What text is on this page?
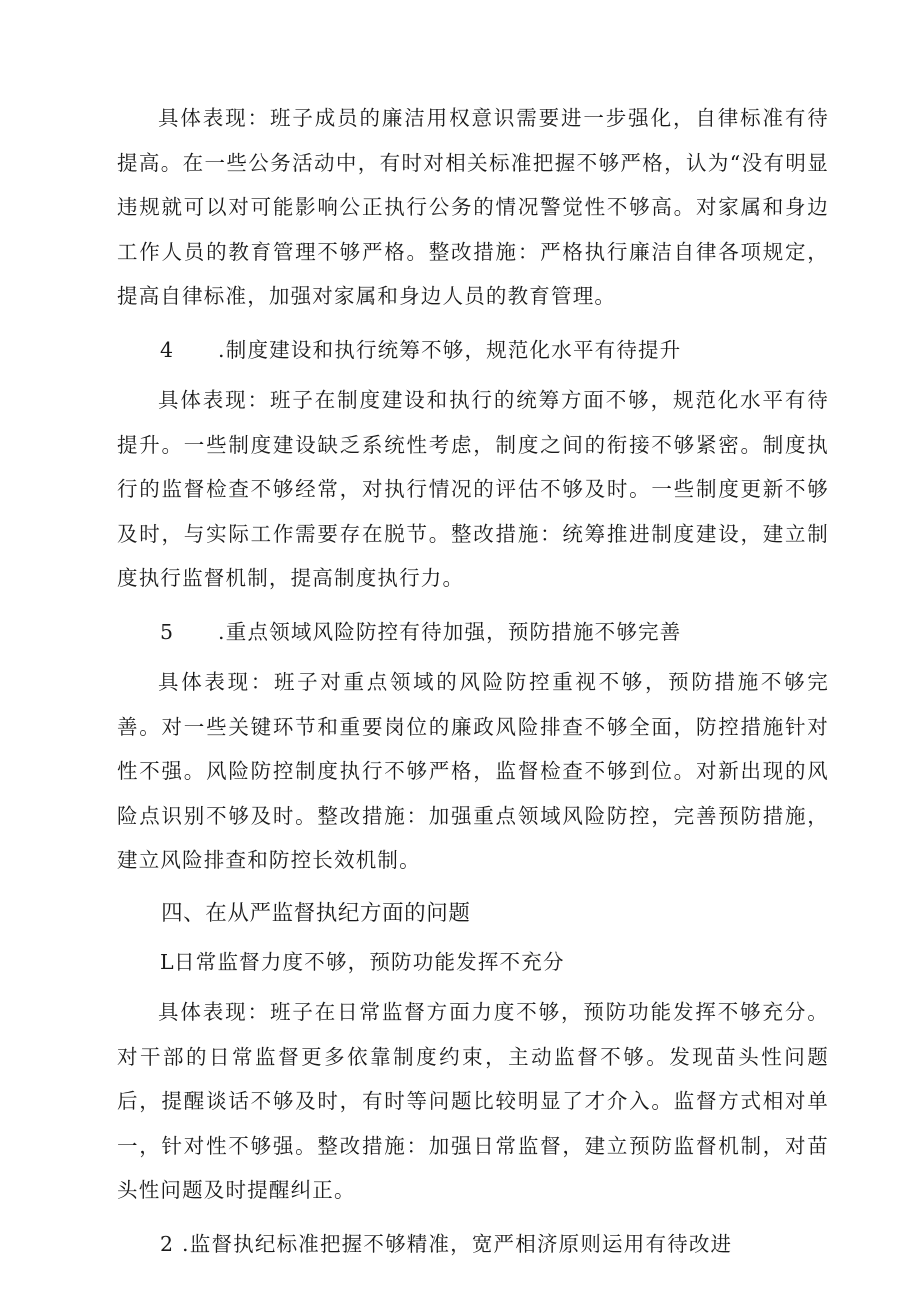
具体表现：班子成员的廉洁用权意识需要进一步强化，自律标准有待提高。在一些公务活动中，有时对相关标准把握不够严格，认为“没有明显违规就可以对可能影响公正执行公务的情况警觉性不够高。对家属和身边工作人员的教育管理不够严格。整改措施：严格执行廉洁自律各项规定，提高自律标准，加强对家属和身边人员的教育管理。

4 .制度建设和执行统筹不够，规范化水平有待提升

具体表现：班子在制度建设和执行的统筹方面不够，规范化水平有待提升。一些制度建设缺乏系统性考虑，制度之间的衔接不够紧密。制度执行的监督检查不够经常，对执行情况的评估不够及时。一些制度更新不够及时，与实际工作需要存在脱节。整改措施：统筹推进制度建设，建立制度执行监督机制，提高制度执行力。

5 .重点领域风险防控有待加强，预防措施不够完善

具体表现：班子对重点领域的风险防控重视不够，预防措施不够完善。对一些关键环节和重要岗位的廉政风险排查不够全面，防控措施针对性不强。风险防控制度执行不够严格，监督检查不够到位。对新出现的风险点识别不够及时。整改措施：加强重点领域风险防控，完善预防措施，建立风险排查和防控长效机制。

四、在从严监督执纪方面的问题
L日常监督力度不够，预防功能发挥不充分

具体表现：班子在日常监督方面力度不够，预防功能发挥不够充分。对干部的日常监督更多依靠制度约束，主动监督不够。发现苗头性问题后，提醒谈话不够及时，有时等问题比较明显了才介入。监督方式相对单一，针对性不够强。整改措施：加强日常监督，建立预防监督机制，对苗头性问题及时提醒纠正。

2 .监督执纪标准把握不够精准，宽严相济原则运用有待改进
